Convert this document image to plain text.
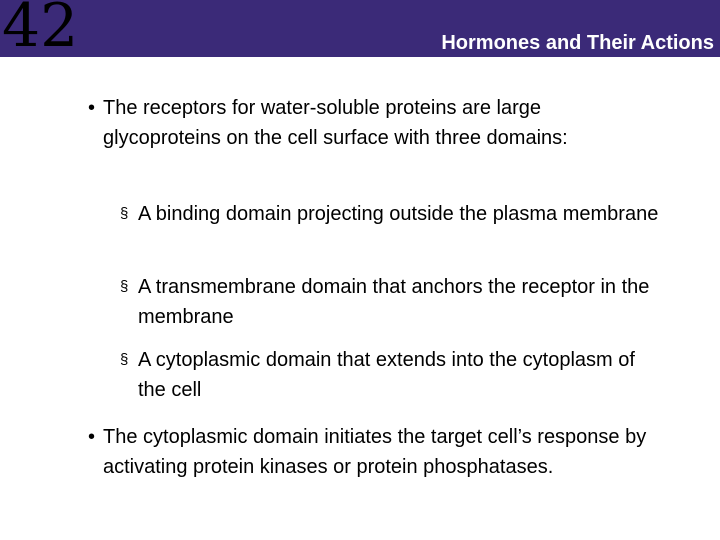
42	Hormones and Their Actions
• The receptors for water-soluble proteins are large glycoproteins on the cell surface with three domains:
§ A binding domain projecting outside the plasma membrane
§ A transmembrane domain that anchors the receptor in the membrane
§ A cytoplasmic domain that extends into the cytoplasm of the cell
• The cytoplasmic domain initiates the target cell’s response by activating protein kinases or protein phosphatases.
